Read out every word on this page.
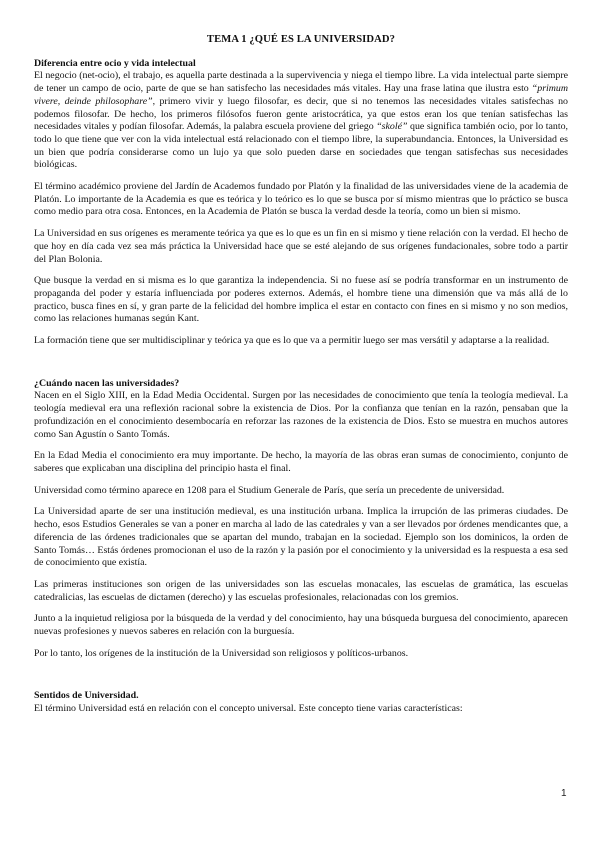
TEMA 1 ¿QUÉ ES LA UNIVERSIDAD?
Diferencia entre ocio y vida intelectual

El negocio (net-ocio), el trabajo, es aquella parte destinada a la supervivencia y niega el tiempo libre. La vida intelectual parte siempre de tener un campo de ocio, parte de que se han satisfecho las necesidades más vitales. Hay una frase latina que ilustra esto “primum vivere, deinde philosophare”, primero vivir y luego filosofar, es decir, que si no tenemos las necesidades vitales satisfechas no podemos filosofar. De hecho, los primeros filósofos fueron gente aristocrática, ya que estos eran los que tenían satisfechas las necesidades vitales y podían filosofar. Además, la palabra escuela proviene del griego “skolé” que significa también ocio, por lo tanto, todo lo que tiene que ver con la vida intelectual está relacionado con el tiempo libre, la superabundancia. Entonces, la Universidad es un bien que podría considerarse como un lujo ya que solo pueden darse en sociedades que tengan satisfechas sus necesidades biológicas.

El término académico proviene del Jardín de Academos fundado por Platón y la finalidad de las universidades viene de la academia de Platón. Lo importante de la Academia es que es teórica y lo teórico es lo que se busca por sí mismo mientras que lo práctico se busca como medio para otra cosa. Entonces, en la Academia de Platón se busca la verdad desde la teoría, como un bien si mismo.

La Universidad en sus orígenes es meramente teórica ya que es lo que es un fin en si mismo y tiene relación con la verdad. El hecho de que hoy en día cada vez sea más práctica la Universidad hace que se esté alejando de sus orígenes fundacionales, sobre todo a partir del Plan Bolonia.

Que busque la verdad en si misma es lo que garantiza la independencia. Si no fuese así se podría transformar en un instrumento de propaganda del poder y estaría influenciada por poderes externos. Además, el hombre tiene una dimensión que va más allá de lo practico, busca fines en sí, y gran parte de la felicidad del hombre implica el estar en contacto con fines en si mismo y no son medios, como las relaciones humanas según Kant.

La formación tiene que ser multidisciplinar y teórica ya que es lo que va a permitir luego ser mas versátil y adaptarse a la realidad.

¿Cuándo nacen las universidades?

Nacen en el Siglo XIII, en la Edad Media Occidental. Surgen por las necesidades de conocimiento que tenía la teología medieval. La teología medieval era una reflexión racional sobre la existencia de Dios. Por la confianza que tenían en la razón, pensaban que la profundización en el conocimiento desembocaría en reforzar las razones de la existencia de Dios. Esto se muestra en muchos autores como San Agustín o Santo Tomás.

En la Edad Media el conocimiento era muy importante. De hecho, la mayoría de las obras eran sumas de conocimiento, conjunto de saberes que explicaban una disciplina del principio hasta el final.

Universidad como término aparece en 1208 para el Studium Generale de París, que sería un precedente de universidad.

La Universidad aparte de ser una institución medieval, es una institución urbana. Implica la irrupción de las primeras ciudades. De hecho, esos Estudios Generales se van a poner en marcha al lado de las catedrales y van a ser llevados por órdenes mendicantes que, a diferencia de las órdenes tradicionales que se apartan del mundo, trabajan en la sociedad. Ejemplo son los dominicos, la orden de Santo Tomás… Estás órdenes promocionan el uso de la razón y la pasión por el conocimiento y la universidad es la respuesta a esa sed de conocimiento que existía.

Las primeras instituciones son origen de las universidades son las escuelas monacales, las escuelas de gramática, las escuelas catedralicias, las escuelas de dictamen (derecho) y las escuelas profesionales, relacionadas con los gremios.

Junto a la inquietud religiosa por la búsqueda de la verdad y del conocimiento, hay una búsqueda burguesa del conocimiento, aparecen nuevas profesiones y nuevos saberes en relación con la burguesía.

Por lo tanto, los orígenes de la institución de la Universidad son religiosos y políticos-urbanos.

Sentidos de Universidad.

El término Universidad está en relación con el concepto universal. Este concepto tiene varias características:

1
